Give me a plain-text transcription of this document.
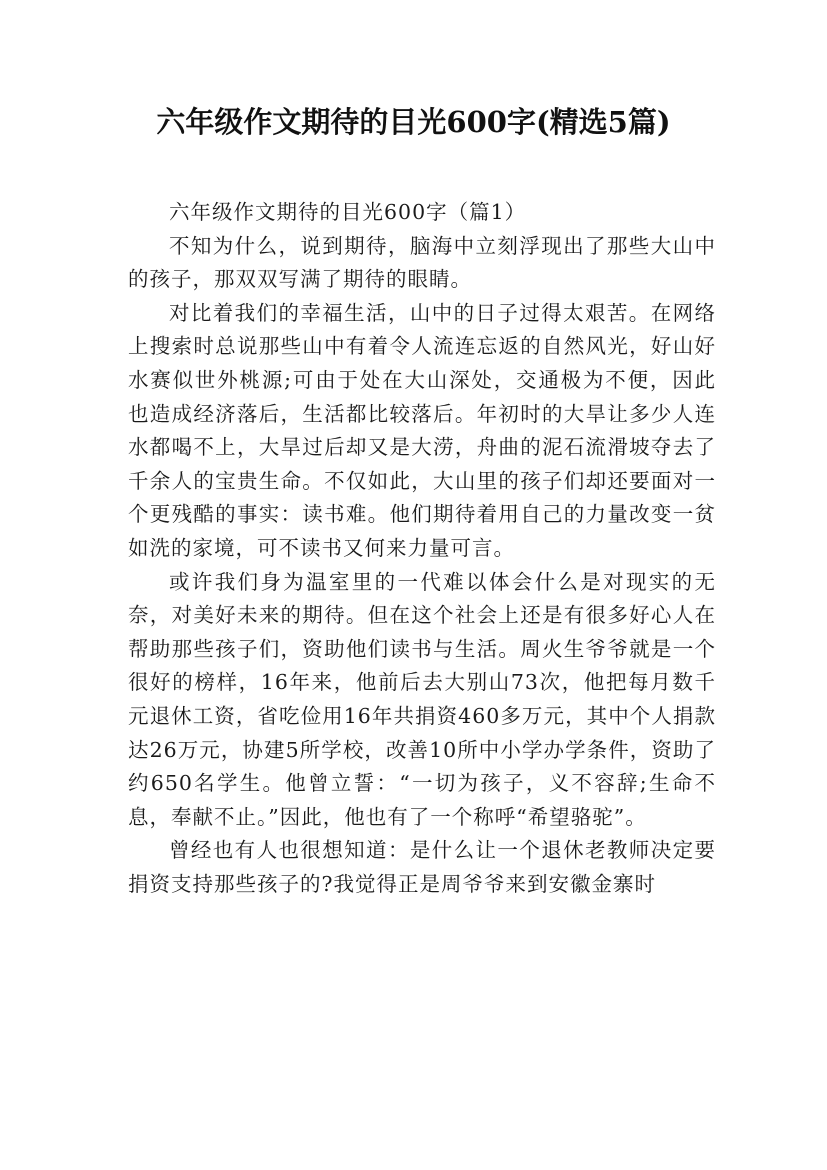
六年级作文期待的目光600字(精选5篇)

六年级作文期待的目光600字（篇1）

不知为什么，说到期待，脑海中立刻浮现出了那些大山中的孩子，那双双写满了期待的眼睛。

对比着我们的幸福生活，山中的日子过得太艰苦。在网络上搜索时总说那些山中有着令人流连忘返的自然风光，好山好水赛似世外桃源;可由于处在大山深处，交通极为不便，因此也造成经济落后，生活都比较落后。年初时的大旱让多少人连水都喝不上，大旱过后却又是大涝，舟曲的泥石流滑坡夺去了千余人的宝贵生命。不仅如此，大山里的孩子们却还要面对一个更残酷的事实：读书难。他们期待着用自己的力量改变一贫如洗的家境，可不读书又何来力量可言。

或许我们身为温室里的一代难以体会什么是对现实的无奈，对美好未来的期待。但在这个社会上还是有很多好心人在帮助那些孩子们，资助他们读书与生活。周火生爷爷就是一个很好的榜样，16年来，他前后去大别山73次，他把每月数千元退休工资，省吃俭用16年共捐资460多万元，其中个人捐款达26万元，协建5所学校，改善10所中小学办学条件，资助了约650名学生。他曾立誓：“一切为孩子，义不容辞;生命不息，奉献不止。”因此，他也有了一个称呼“希望骆驼”。

曾经也有人也很想知道：是什么让一个退休老教师决定要捐资支持那些孩子的?我觉得正是周爷爷来到安徽金寨时
